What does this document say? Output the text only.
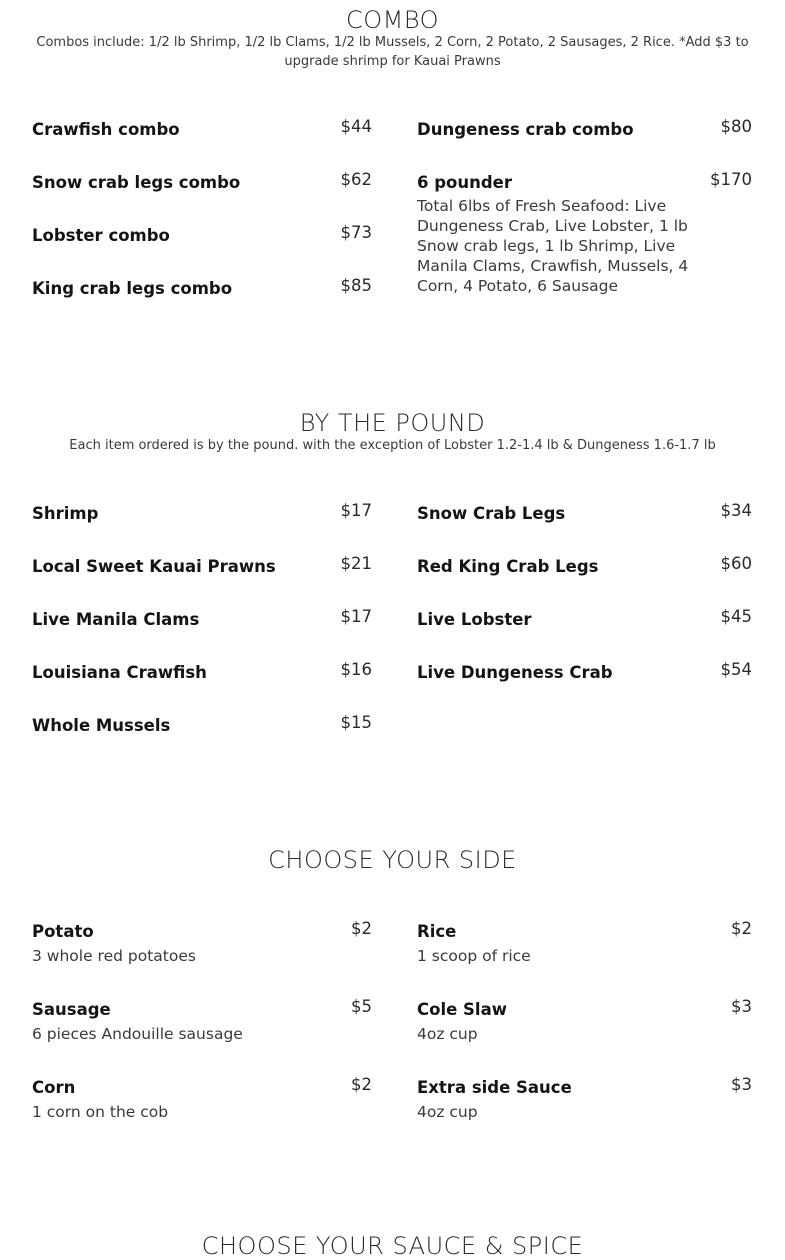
COMBO

Combos include: 1/2 lb Shrimp, 1/2 lb Clams, 1/2 lb Mussels, 2 Corn, 2 Potato, 2 Sausages, 2 Rice. *Add $3 to upgrade shrimp for Kauai Prawns

Crawfish combo	$44
Snow crab legs combo	$62
Lobster combo	$73
King crab legs combo	$85
Dungeness crab combo	$80
6 pounder	$170
Total 6lbs of Fresh Seafood: Live Dungeness Crab, Live Lobster, 1 lb Snow crab legs, 1 lb Shrimp, Live Manila Clams, Crawfish, Mussels, 4 Corn, 4 Potato, 6 Sausage
BY THE POUND

Each item ordered is by the pound. with the exception of Lobster 1.2-1.4 lb & Dungeness 1.6-1.7 lb

Shrimp	$17
Local Sweet Kauai Prawns	$21
Live Manila Clams	$17
Louisiana Crawfish	$16
Whole Mussels	$15
Snow Crab Legs	$34
Red King Crab Legs	$60
Live Lobster	$45
Live Dungeness Crab	$54
CHOOSE YOUR SIDE
Potato	$2
3 whole red potatoes
Sausage	$5
6 pieces Andouille sausage
Corn	$2
1 corn on the cob
Rice	$2
1 scoop of rice
Cole Slaw	$3
4oz cup
Extra side Sauce	$3
4oz cup
CHOOSE YOUR SAUCE & SPICE
